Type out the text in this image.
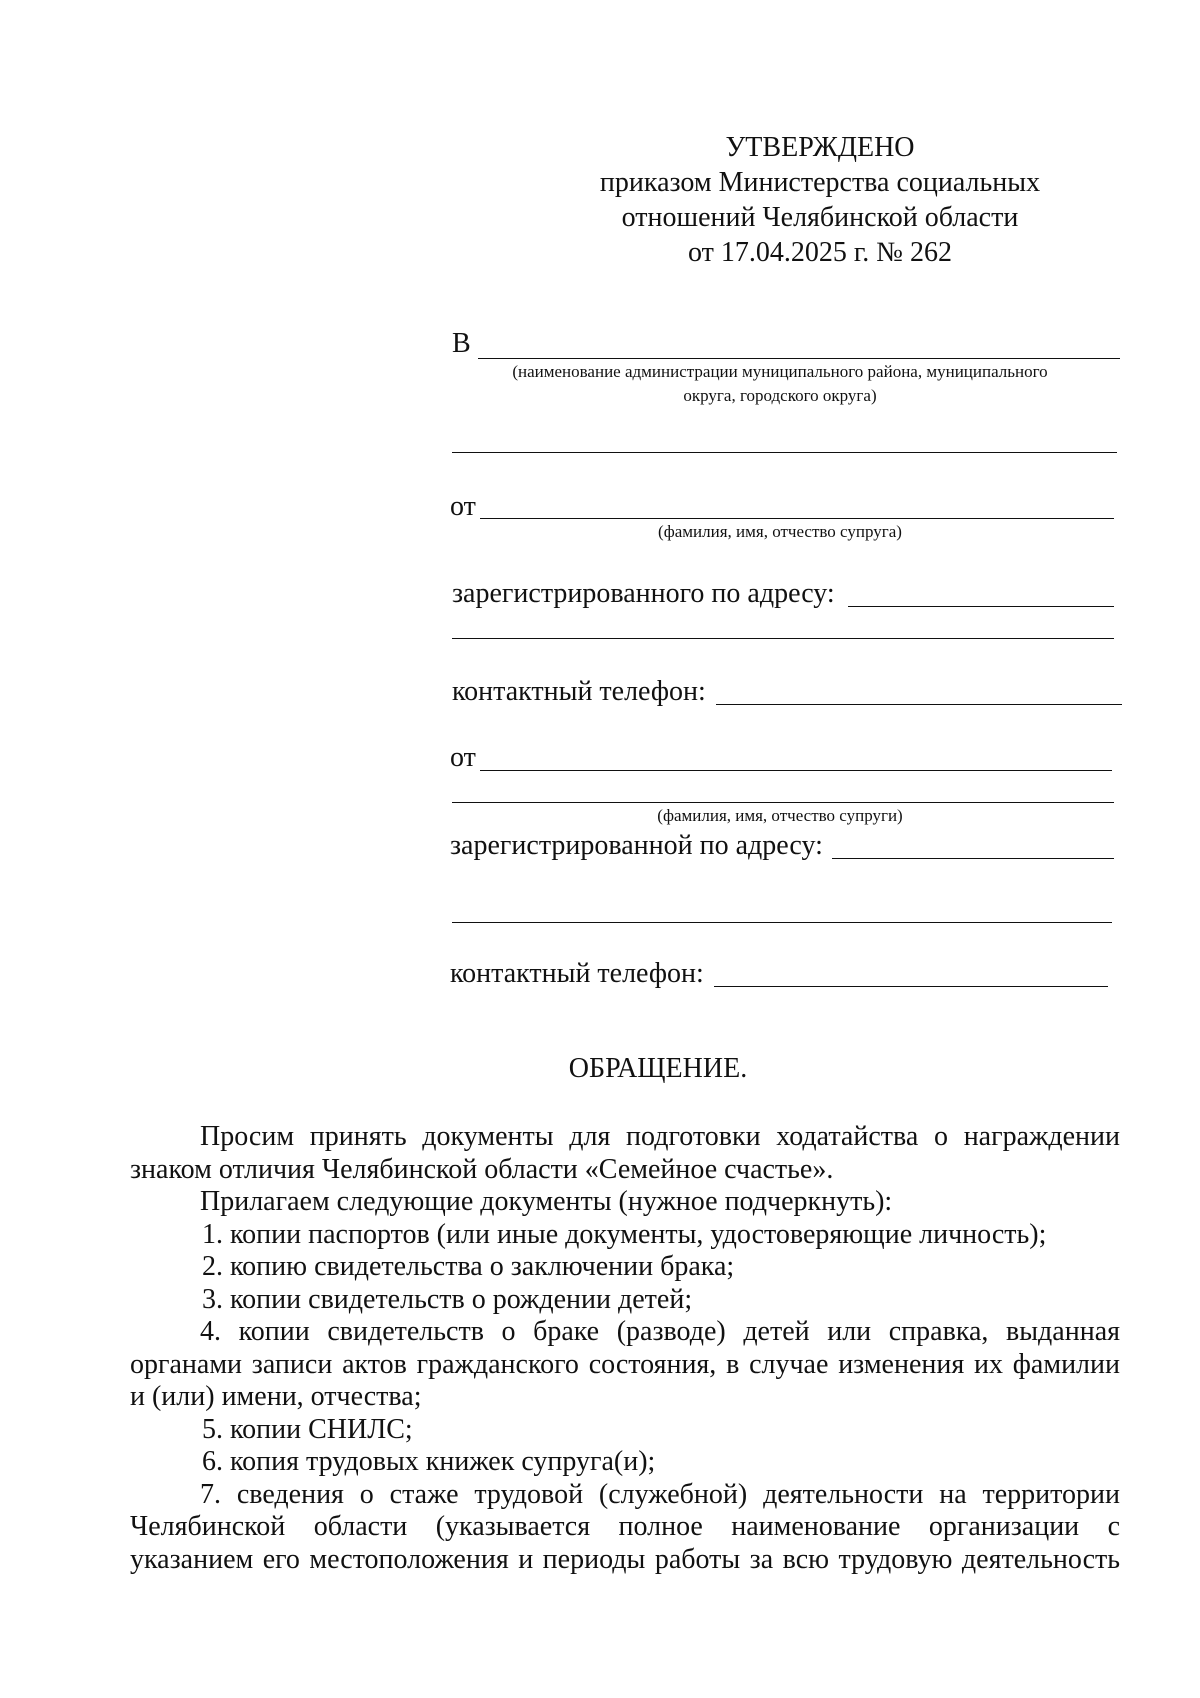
УТВЕРЖДЕНО
приказом Министерства социальных
отношений Челябинской области
от 17.04.2025 г. № 262
В
(наименование администрации муниципального района, муниципального
округа, городского округа)
от
(фамилия, имя, отчество супруга)
зарегистрированного по адресу:
контактный телефон:
от
(фамилия, имя, отчество супруги)
зарегистрированной по адресу:
контактный телефон:
ОБРАЩЕНИЕ.

Просим принять документы для подготовки ходатайства о награждении

знаком отличия Челябинской области «Семейное счастье».

Прилагаем следующие документы (нужное подчеркнуть):

1. копии паспортов (или иные документы, удостоверяющие личность);

2. копию свидетельства о заключении брака;

3. копии свидетельств о рождении детей;

4. копии свидетельств о браке (разводе) детей или справка, выданная

органами записи актов гражданского состояния, в случае изменения их фамилии

и (или) имени, отчества;

5. копии СНИЛС;

6. копия трудовых книжек супруга(и);

7. сведения о стаже трудовой (служебной) деятельности на территории

Челябинской области (указывается полное наименование организации с

указанием его местоположения и периоды работы за всю трудовую деятельность
